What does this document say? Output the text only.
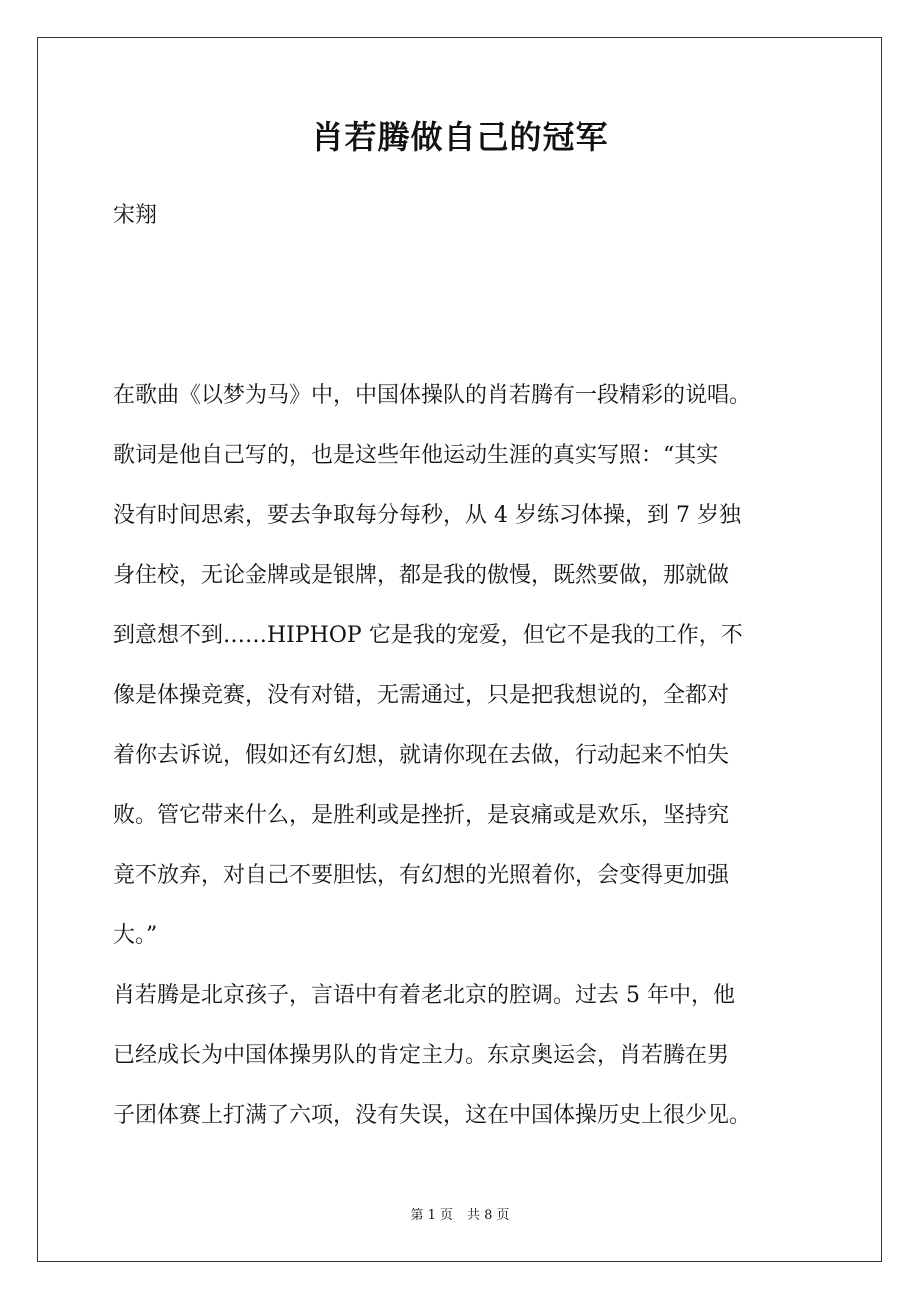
肖若腾做自己的冠军
宋翔
在歌曲《以梦为马》中，中国体操队的肖若腾有一段精彩的说唱。
歌词是他自己写的，也是这些年他运动生涯的真实写照：“其实
没有时间思索，要去争取每分每秒，从 4 岁练习体操，到 7 岁独
身住校，无论金牌或是银牌，都是我的傲慢，既然要做，那就做
到意想不到……HIPHOP 它是我的宠爱，但它不是我的工作，不
像是体操竞赛，没有对错，无需通过，只是把我想说的，全都对
着你去诉说，假如还有幻想，就请你现在去做，行动起来不怕失
败。管它带来什么，是胜利或是挫折，是哀痛或是欢乐，坚持究
竟不放弃，对自己不要胆怯，有幻想的光照着你，会变得更加强
大。”
肖若腾是北京孩子，言语中有着老北京的腔调。过去 5 年中，他
已经成长为中国体操男队的肯定主力。东京奥运会，肖若腾在男
子团体赛上打满了六项，没有失误，这在中国体操历史上很少见。
第 1 页 共 8 页
